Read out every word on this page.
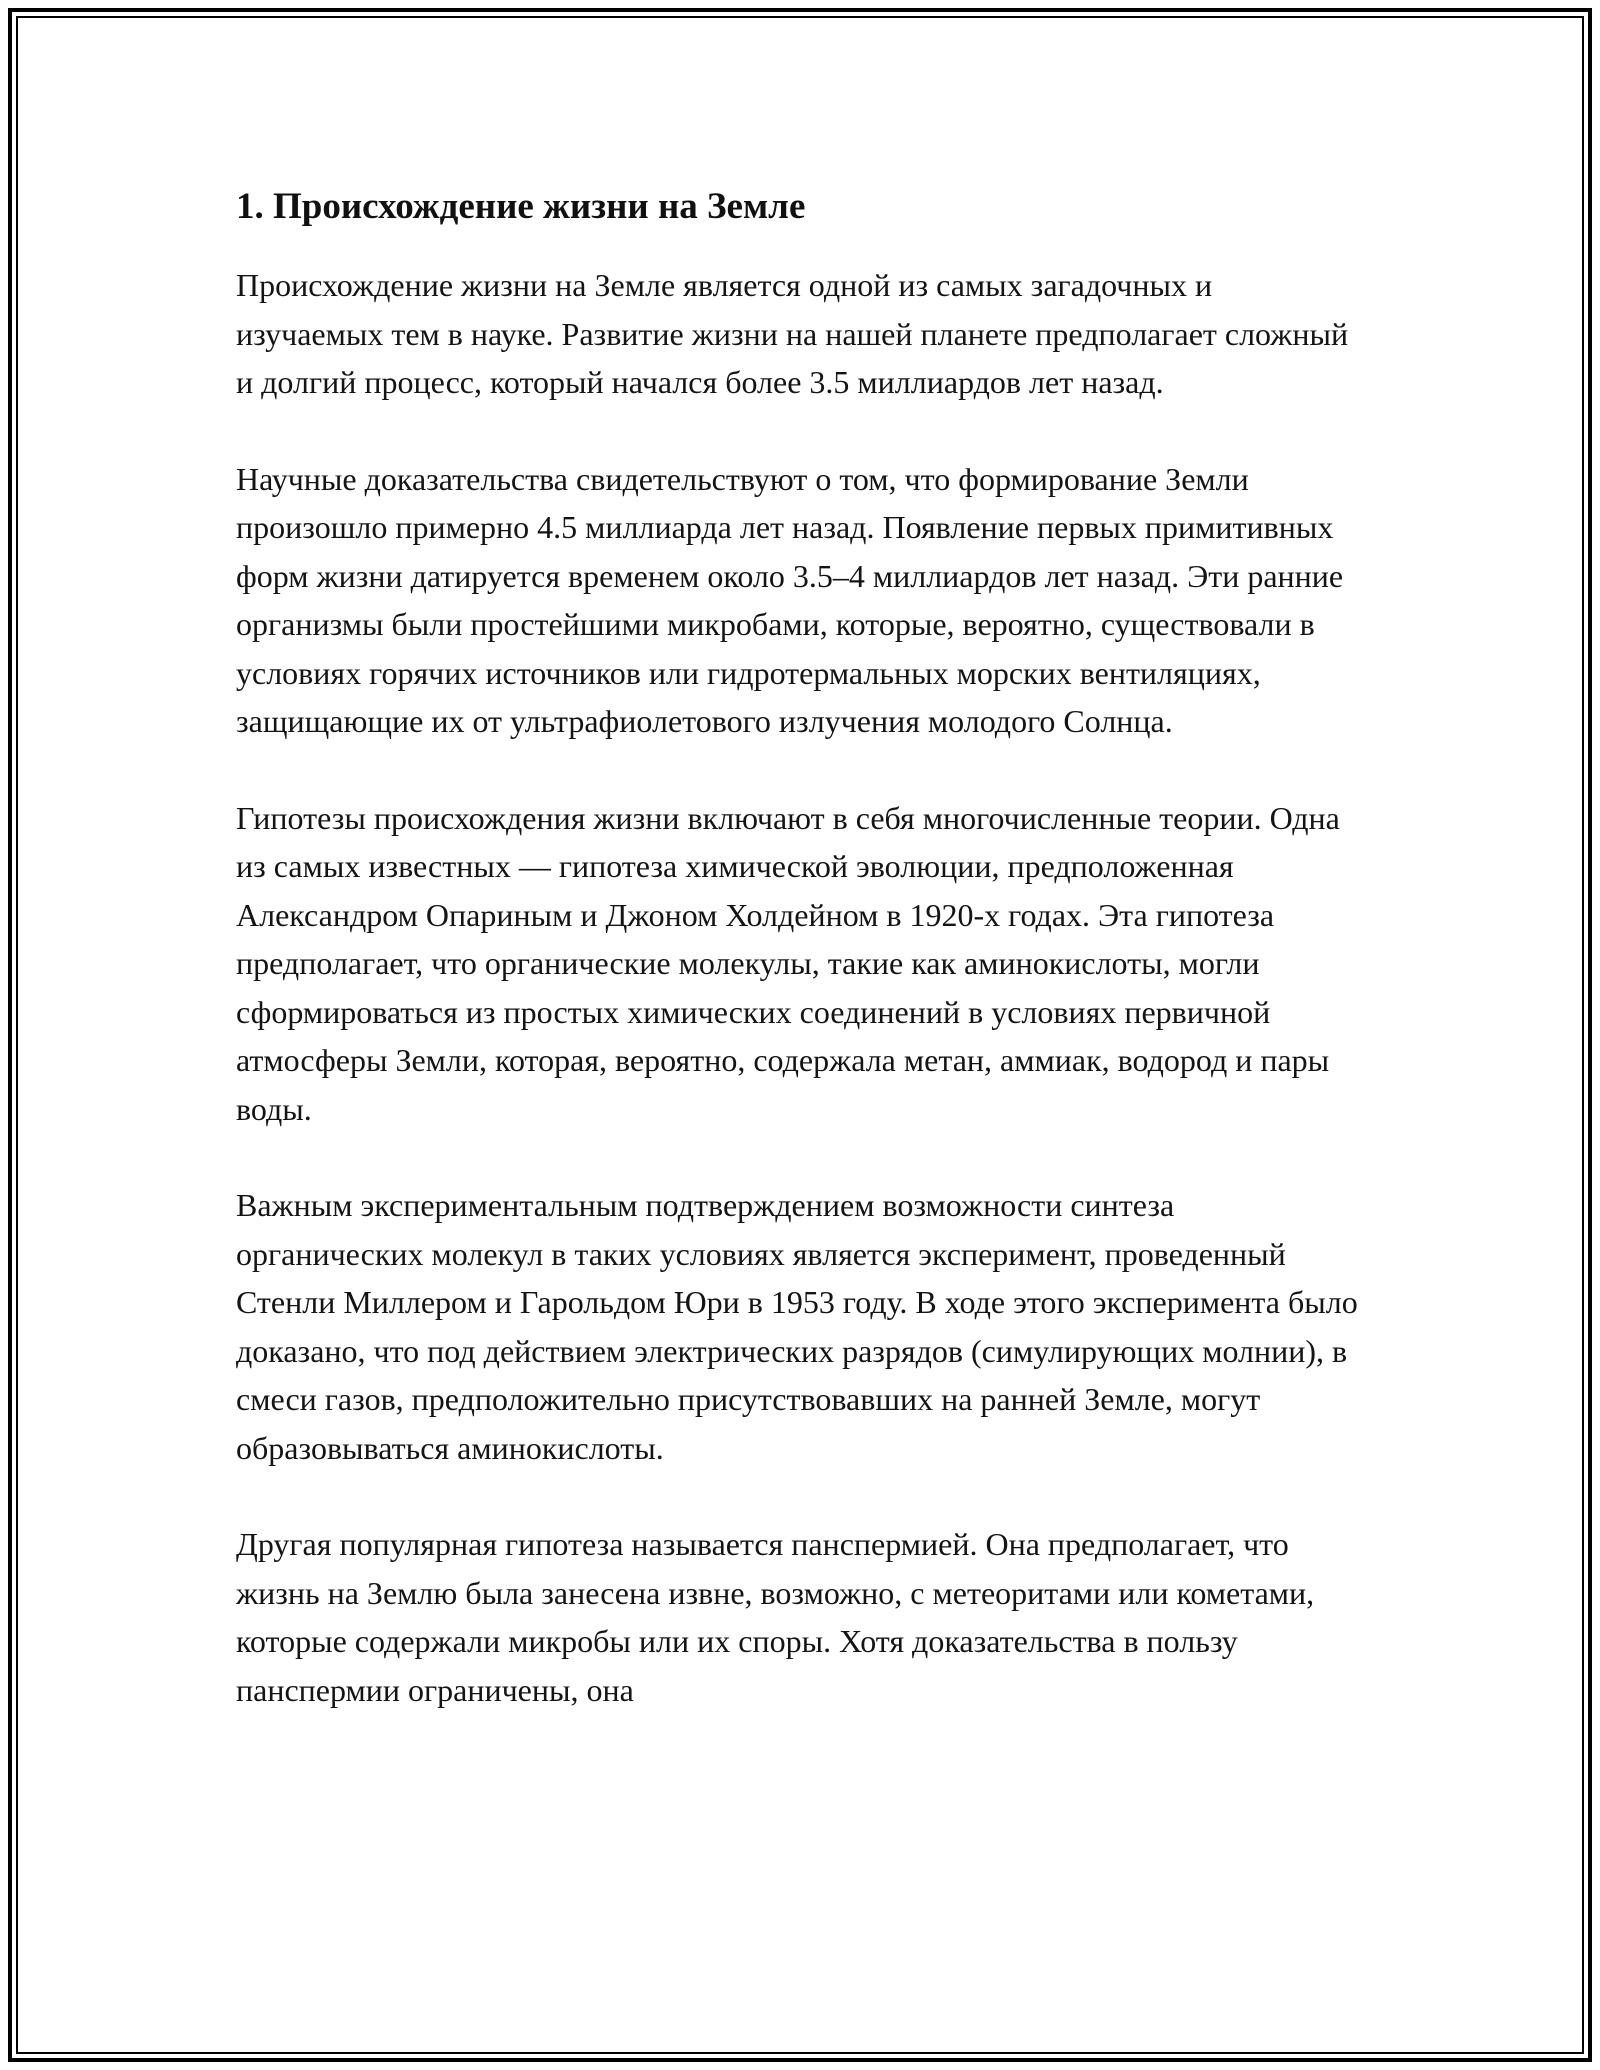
1. Происхождение жизни на Земле

Происхождение жизни на Земле является одной из самых загадочных и изучаемых тем в науке. Развитие жизни на нашей планете предполагает сложный и долгий процесс, который начался более 3.5 миллиардов лет назад.

Научные доказательства свидетельствуют о том, что формирование Земли произошло примерно 4.5 миллиарда лет назад. Появление первых примитивных форм жизни датируется временем около 3.5–4 миллиардов лет назад. Эти ранние организмы были простейшими микробами, которые, вероятно, существовали в условиях горячих источников или гидротермальных морских вентиляциях, защищающие их от ультрафиолетового излучения молодого Солнца.

Гипотезы происхождения жизни включают в себя многочисленные теории. Одна из самых известных — гипотеза химической эволюции, предположенная Александром Опариным и Джоном Холдейном в 1920-х годах. Эта гипотеза предполагает, что органические молекулы, такие как аминокислоты, могли сформироваться из простых химических соединений в условиях первичной атмосферы Земли, которая, вероятно, содержала метан, аммиак, водород и пары воды.

Важным экспериментальным подтверждением возможности синтеза органических молекул в таких условиях является эксперимент, проведенный Стенли Миллером и Гарольдом Юри в 1953 году. В ходе этого эксперимента было доказано, что под действием электрических разрядов (симулирующих молнии), в смеси газов, предположительно присутствовавших на ранней Земле, могут образовываться аминокислоты.

Другая популярная гипотеза называется панспермией. Она предполагает, что жизнь на Землю была занесена извне, возможно, с метеоритами или кометами, которые содержали микробы или их споры. Хотя доказательства в пользу панспермии ограничены, она
